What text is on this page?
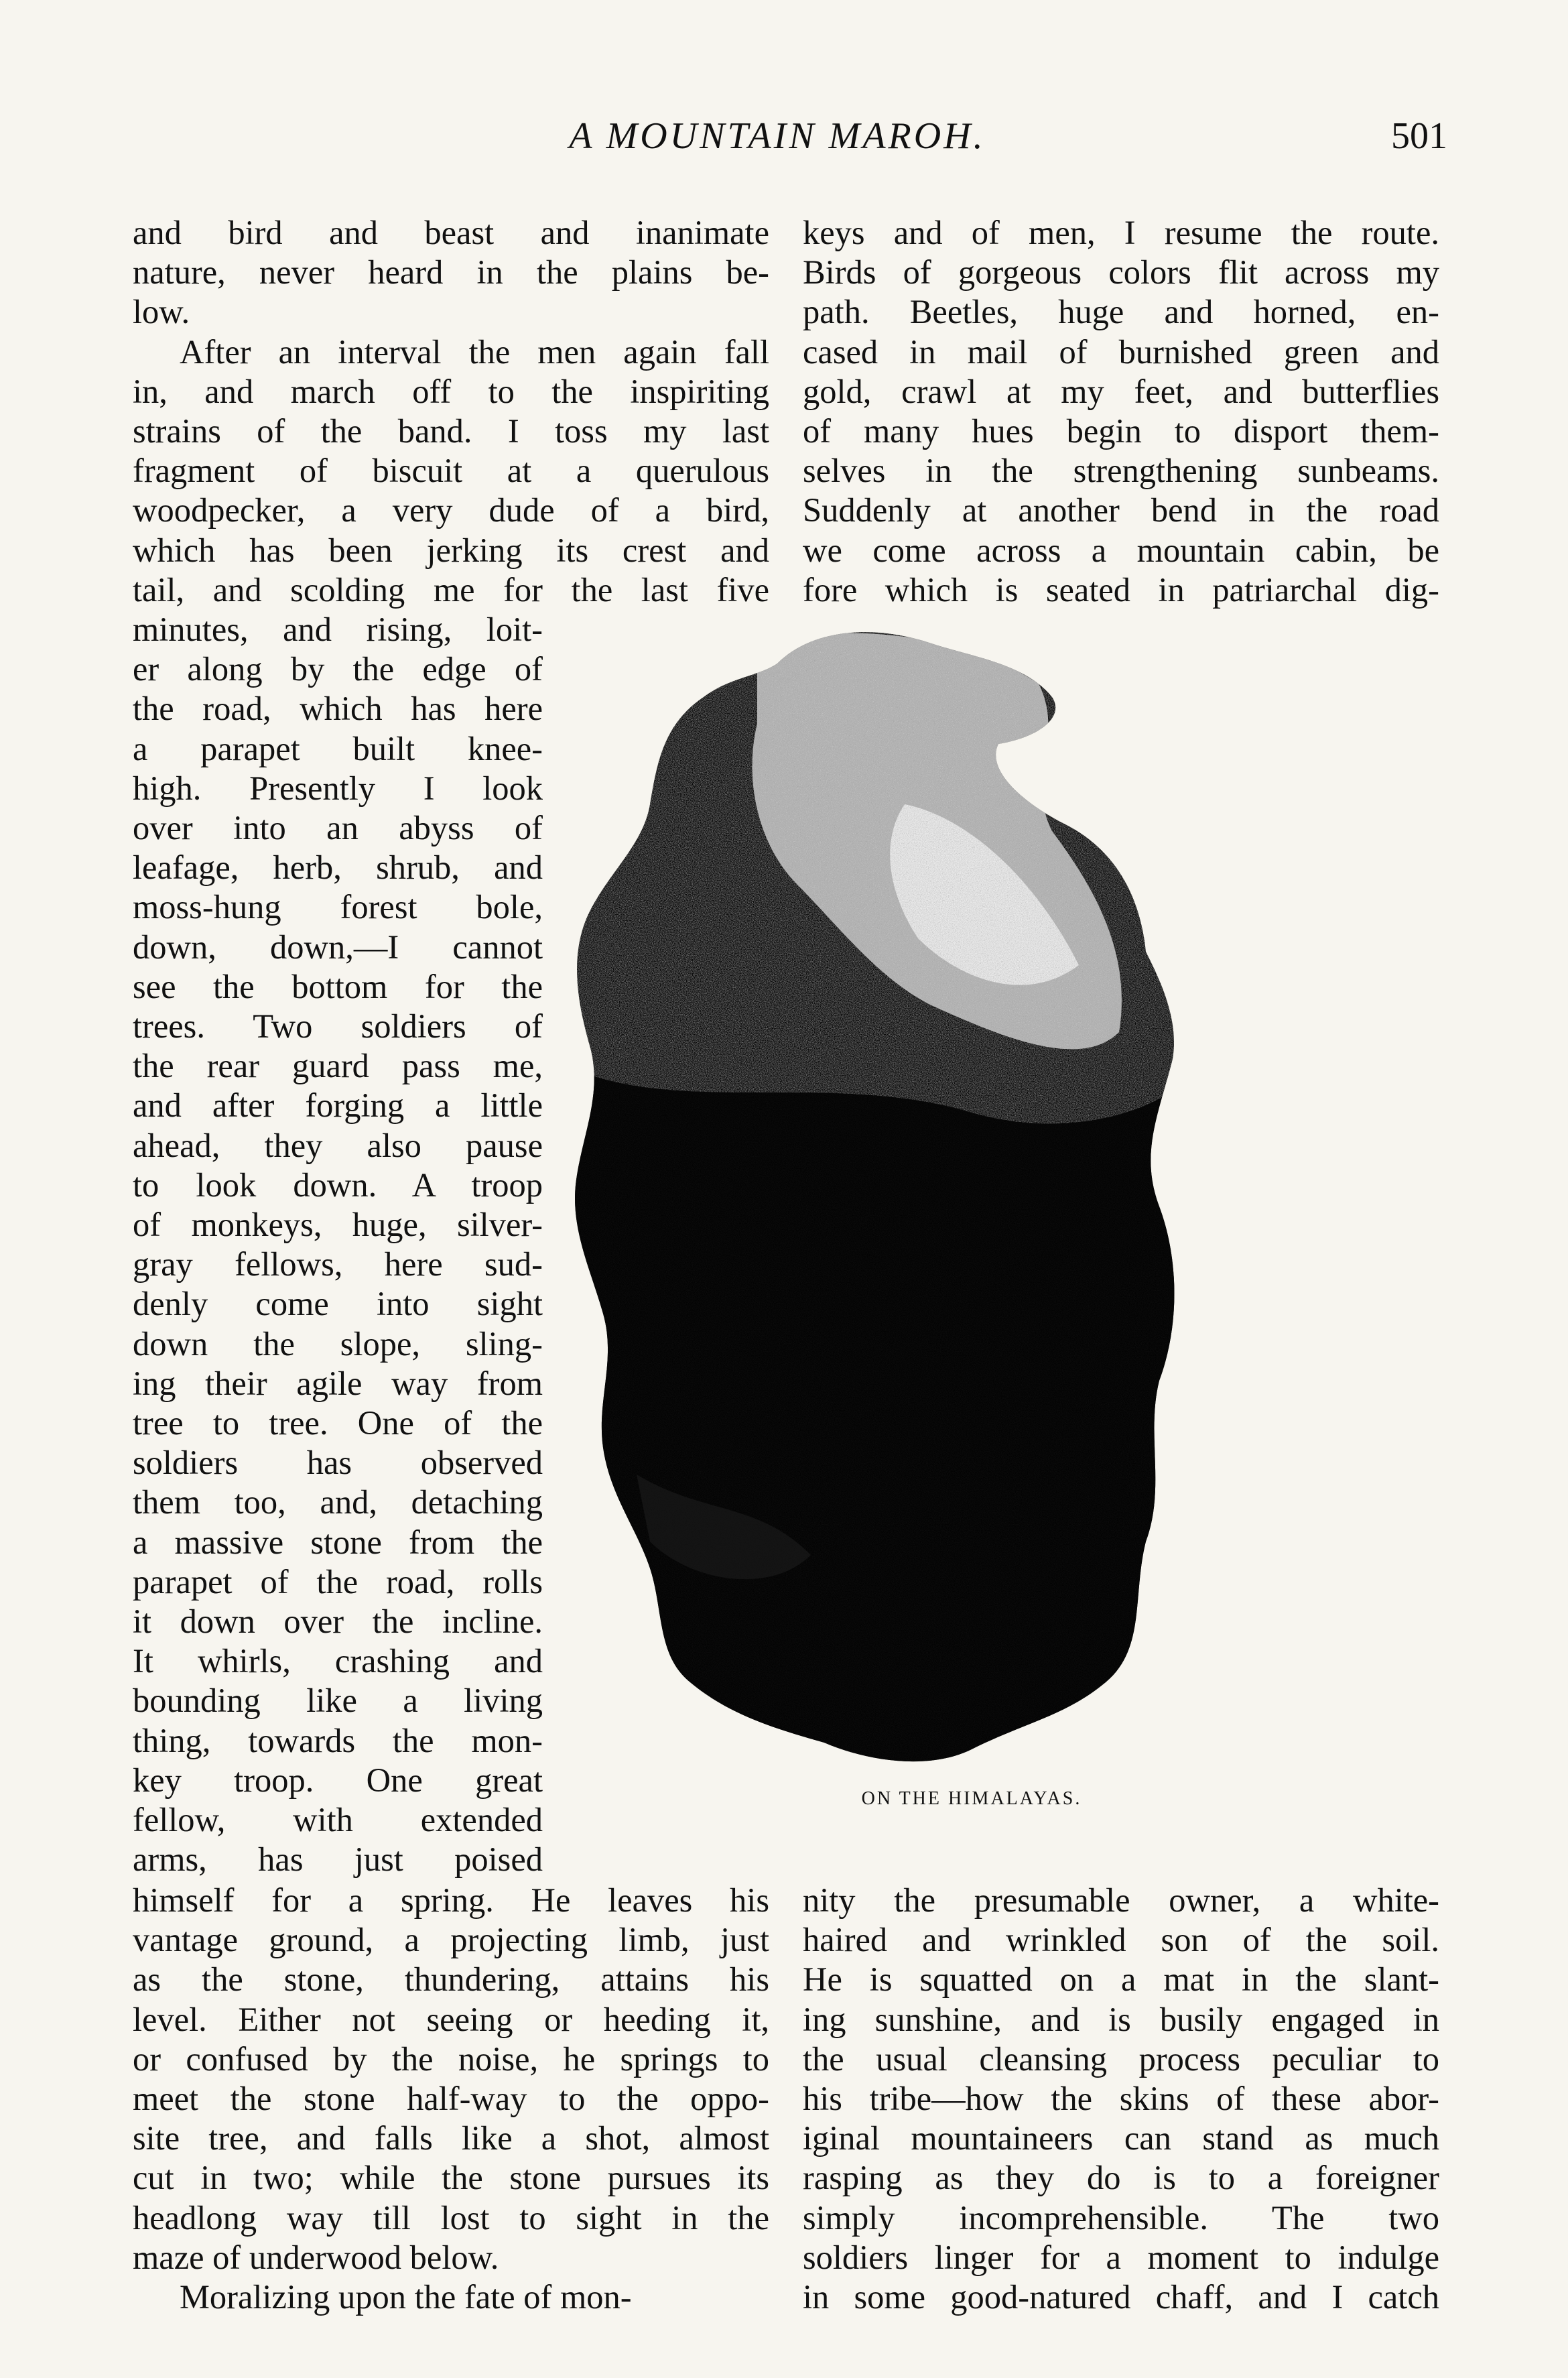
A MOUNTAIN MAROH.	501
and bird and beast and inanimate
nature, never heard in the plains be-
low.
After an interval the men again fall
in, and march off to the inspiriting
strains of the band. I toss my last
fragment of biscuit at a querulous
woodpecker, a very dude of a bird,
which has been jerking its crest and
tail, and scolding me for the last five
minutes, and rising, loit-
er along by the edge of
the road, which has here
a parapet built knee-
high. Presently I look
over into an abyss of
leafage, herb, shrub, and
moss-hung forest bole,
down, down,—I cannot
see the bottom for the
trees. Two soldiers of
the rear guard pass me,
and after forging a little
ahead, they also pause
to look down. A troop
of monkeys, huge, silver-
gray fellows, here sud-
denly come into sight
down the slope, sling-
ing their agile way from
tree to tree. One of the
soldiers has observed
them too, and, detaching
a massive stone from the
parapet of the road, rolls
it down over the incline.
It whirls, crashing and
bounding like a living
thing, towards the mon-
key troop. One great
fellow, with extended
arms, has just poised
himself for a spring. He leaves his
vantage ground, a projecting limb, just
as the stone, thundering, attains his
level. Either not seeing or heeding it,
or confused by the noise, he springs to
meet the stone half-way to the oppo-
site tree, and falls like a shot, almost
cut in two; while the stone pursues its
headlong way till lost to sight in the
maze of underwood below.
Moralizing upon the fate of mon-
keys and of men, I resume the route.
Birds of gorgeous colors flit across my
path. Beetles, huge and horned, en-
cased in mail of burnished green and
gold, crawl at my feet, and butterflies
of many hues begin to disport them-
selves in the strengthening sunbeams.
Suddenly at another bend in the road
we come across a mountain cabin, be
fore which is seated in patriarchal dig-
nity the presumable owner, a white-
haired and wrinkled son of the soil.
He is squatted on a mat in the slant-
ing sunshine, and is busily engaged in
the usual cleansing process peculiar to
his tribe—how the skins of these abor-
iginal mountaineers can stand as much
rasping as they do is to a foreigner
simply incomprehensible. The two
soldiers linger for a moment to indulge
in some good-natured chaff, and I catch
ON THE HIMALAYAS.
